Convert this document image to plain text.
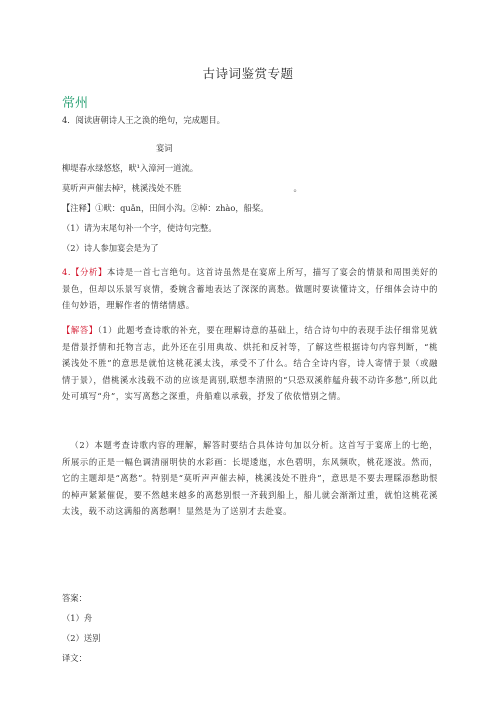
古诗词鉴赏专题
常州
4．阅读唐朝诗人王之涣的绝句，完成题目。
宴词
柳堤春水绿悠悠，畎¹入漳河一道流。
莫听声声催去棹²，桃溪浅处不胜	。
【注释】①畎：quǎn，田间小沟。②棹：zhào，船桨。
（1）请为末尾句补一个字，使诗句完整。
（2）诗人参加宴会是为了
4.【分析】本诗是一首七言绝句。这首诗虽然是在宴席上所写，描写了宴会的情景和周围美好的景色，但却以乐景写哀情，委婉含蓄地表达了深深的离愁。做题时要读懂诗文，仔细体会诗中的佳句妙语，理解作者的情绪情感。
【解答】（1）此题考查诗歌的补充，要在理解诗意的基础上，结合诗句中的表现手法仔细常见就是借景抒情和托物言志，此外还在引用典故、烘托和反衬等，了解这些根据诗句内容判断，“桃溪浅处不胜”的意思是就怕这桃花溪太浅，承受不了什么。结合全诗内容，诗人寄情于景（或融情于景），借桃溪水浅载不动的应该是离别,联想李清照的“只恐双溪舴艋舟载不动许多愁”,所以此处可填写“舟”，实写离愁之深重，舟船难以承载，抒发了依依惜别之情。
（2）本题考查诗歌内容的理解，解答时要结合具体诗句加以分析。这首写于宴席上的七绝，所展示的正是一幅色调清丽明快的水彩画：长堤逶迤，水色碧明，东风频吹，桃花逐波。然而，它的主题却是“离愁”。特别是“莫听声声催去棹，桃溪浅处不胜舟”，意思是不要去理睬添愁助恨的棹声紧紧催促，要不然越来越多的离愁别恨一齐载到船上，船儿就会渐渐过重，就怕这桃花溪太浅，载不动这满船的离愁啊！显然是为了送别才去赴宴。
答案：
（1）舟
（2）送别
译文：
